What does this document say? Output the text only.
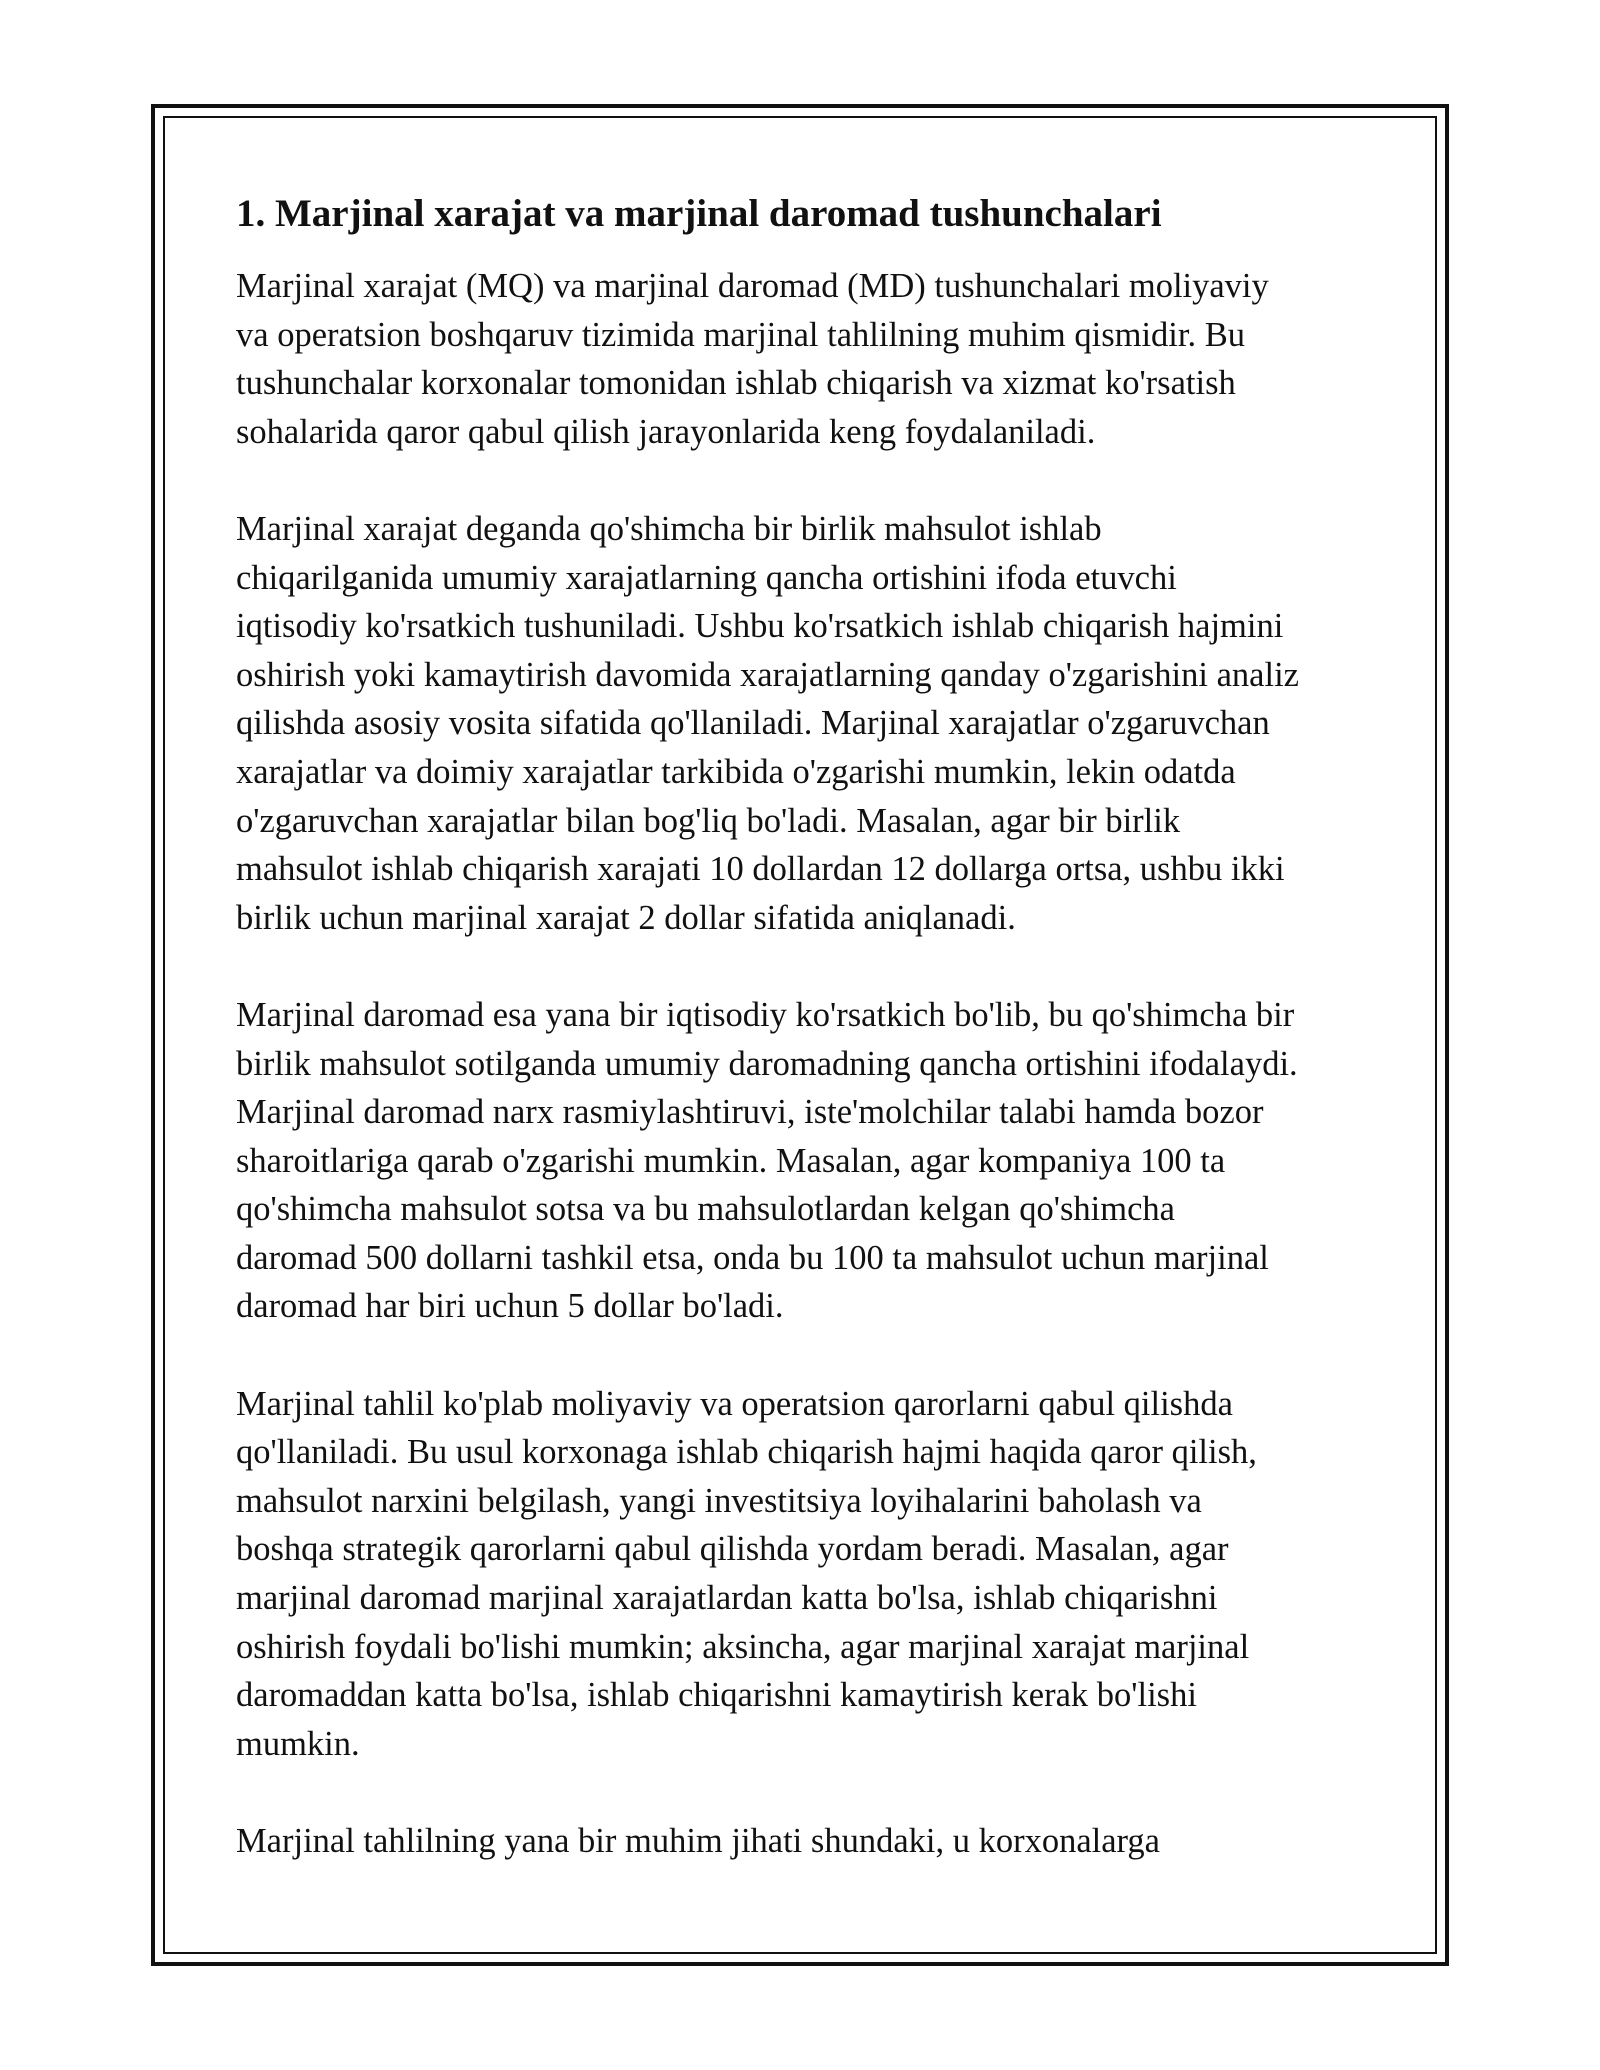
1. Marjinal xarajat va marjinal daromad tushunchalari

Marjinal xarajat (MQ) va marjinal daromad (MD) tushunchalari moliyaviy
va operatsion boshqaruv tizimida marjinal tahlilning muhim qismidir. Bu
tushunchalar korxonalar tomonidan ishlab chiqarish va xizmat ko'rsatish
sohalarida qaror qabul qilish jarayonlarida keng foydalaniladi.

Marjinal xarajat deganda qo'shimcha bir birlik mahsulot ishlab
chiqarilganida umumiy xarajatlarning qancha ortishini ifoda etuvchi
iqtisodiy ko'rsatkich tushuniladi. Ushbu ko'rsatkich ishlab chiqarish hajmini
oshirish yoki kamaytirish davomida xarajatlarning qanday o'zgarishini analiz
qilishda asosiy vosita sifatida qo'llaniladi. Marjinal xarajatlar o'zgaruvchan
xarajatlar va doimiy xarajatlar tarkibida o'zgarishi mumkin, lekin odatda
o'zgaruvchan xarajatlar bilan bog'liq bo'ladi. Masalan, agar bir birlik
mahsulot ishlab chiqarish xarajati 10 dollardan 12 dollarga ortsa, ushbu ikki
birlik uchun marjinal xarajat 2 dollar sifatida aniqlanadi.

Marjinal daromad esa yana bir iqtisodiy ko'rsatkich bo'lib, bu qo'shimcha bir
birlik mahsulot sotilganda umumiy daromadning qancha ortishini ifodalaydi.
Marjinal daromad narx rasmiylashtiruvi, iste'molchilar talabi hamda bozor
sharoitlariga qarab o'zgarishi mumkin. Masalan, agar kompaniya 100 ta
qo'shimcha mahsulot sotsa va bu mahsulotlardan kelgan qo'shimcha
daromad 500 dollarni tashkil etsa, onda bu 100 ta mahsulot uchun marjinal
daromad har biri uchun 5 dollar bo'ladi.

Marjinal tahlil ko'plab moliyaviy va operatsion qarorlarni qabul qilishda
qo'llaniladi. Bu usul korxonaga ishlab chiqarish hajmi haqida qaror qilish,
mahsulot narxini belgilash, yangi investitsiya loyihalarini baholash va
boshqa strategik qarorlarni qabul qilishda yordam beradi. Masalan, agar
marjinal daromad marjinal xarajatlardan katta bo'lsa, ishlab chiqarishni
oshirish foydali bo'lishi mumkin; aksincha, agar marjinal xarajat marjinal
daromaddan katta bo'lsa, ishlab chiqarishni kamaytirish kerak bo'lishi
mumkin.

Marjinal tahlilning yana bir muhim jihati shundaki, u korxonalarga
